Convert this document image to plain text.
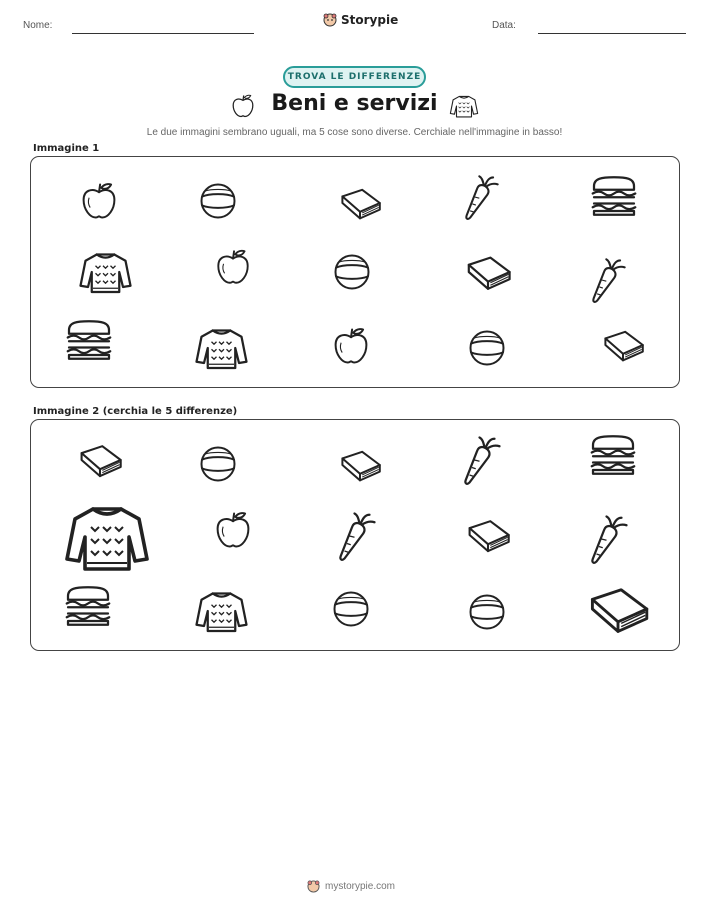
Nome:	Storypie	Data:
TROVA LE DIFFERENZE
Beni e servizi
Le due immagini sembrano uguali, ma 5 cose sono diverse. Cerchiale nell'immagine in basso!
Immagine 1
Immagine 2 (cerchia le 5 differenze)
mystorypie.com
